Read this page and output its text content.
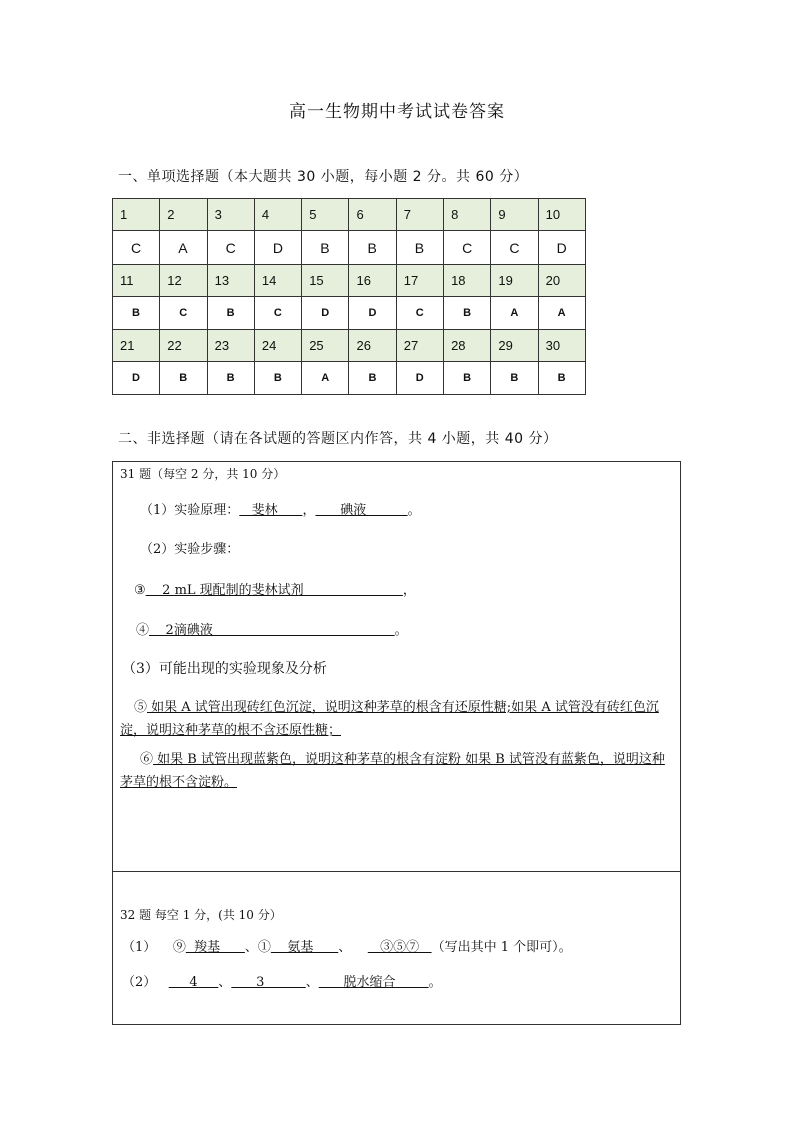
高一生物期中考试试卷答案
一、单项选择题（本大题共 30 小题，每小题 2 分。共 60 分）
1	2	3	4	5	6	7	8	9	10
C	A	C	D	B	B	B	C	C	D
11	12	13	14	15	16	17	18	19	20
B	C	B	C	D	D	C	B	A	A
21	22	23	24	25	26	27	28	29	30
D	B	B	B	A	B	D	B	B	B
二、非选择题（请在各试题的答题区内作答，共 4 小题，共 40 分）
31 题（每空 2 分，共 10 分）
（1）实验原理：   斐林      ，      碘液          。
（2）实验步骤：
③    2 mL 现配制的斐林试剂                        ，
④    2滴碘液                                            。
（3）可能出现的实验现象及分析
⑤ 如果 A 试管出现砖红色沉淀，说明这种茅草的根含有还原性糖;如果 A 试管没有砖红色沉淀，说明这种茅草的根不含还原性糖；
⑥ 如果 B 试管出现蓝紫色，说明这种茅草的根含有淀粉 如果 B 试管没有蓝紫色，说明这种茅草的根不含淀粉。
32 题 每空 1 分，(共 10 分）
（1） ⑨  羧基      、①    氨基      、       ③⑤⑦   （写出其中 1 个即可）。
（2）        4     、      3          、      脱水缩合        。
